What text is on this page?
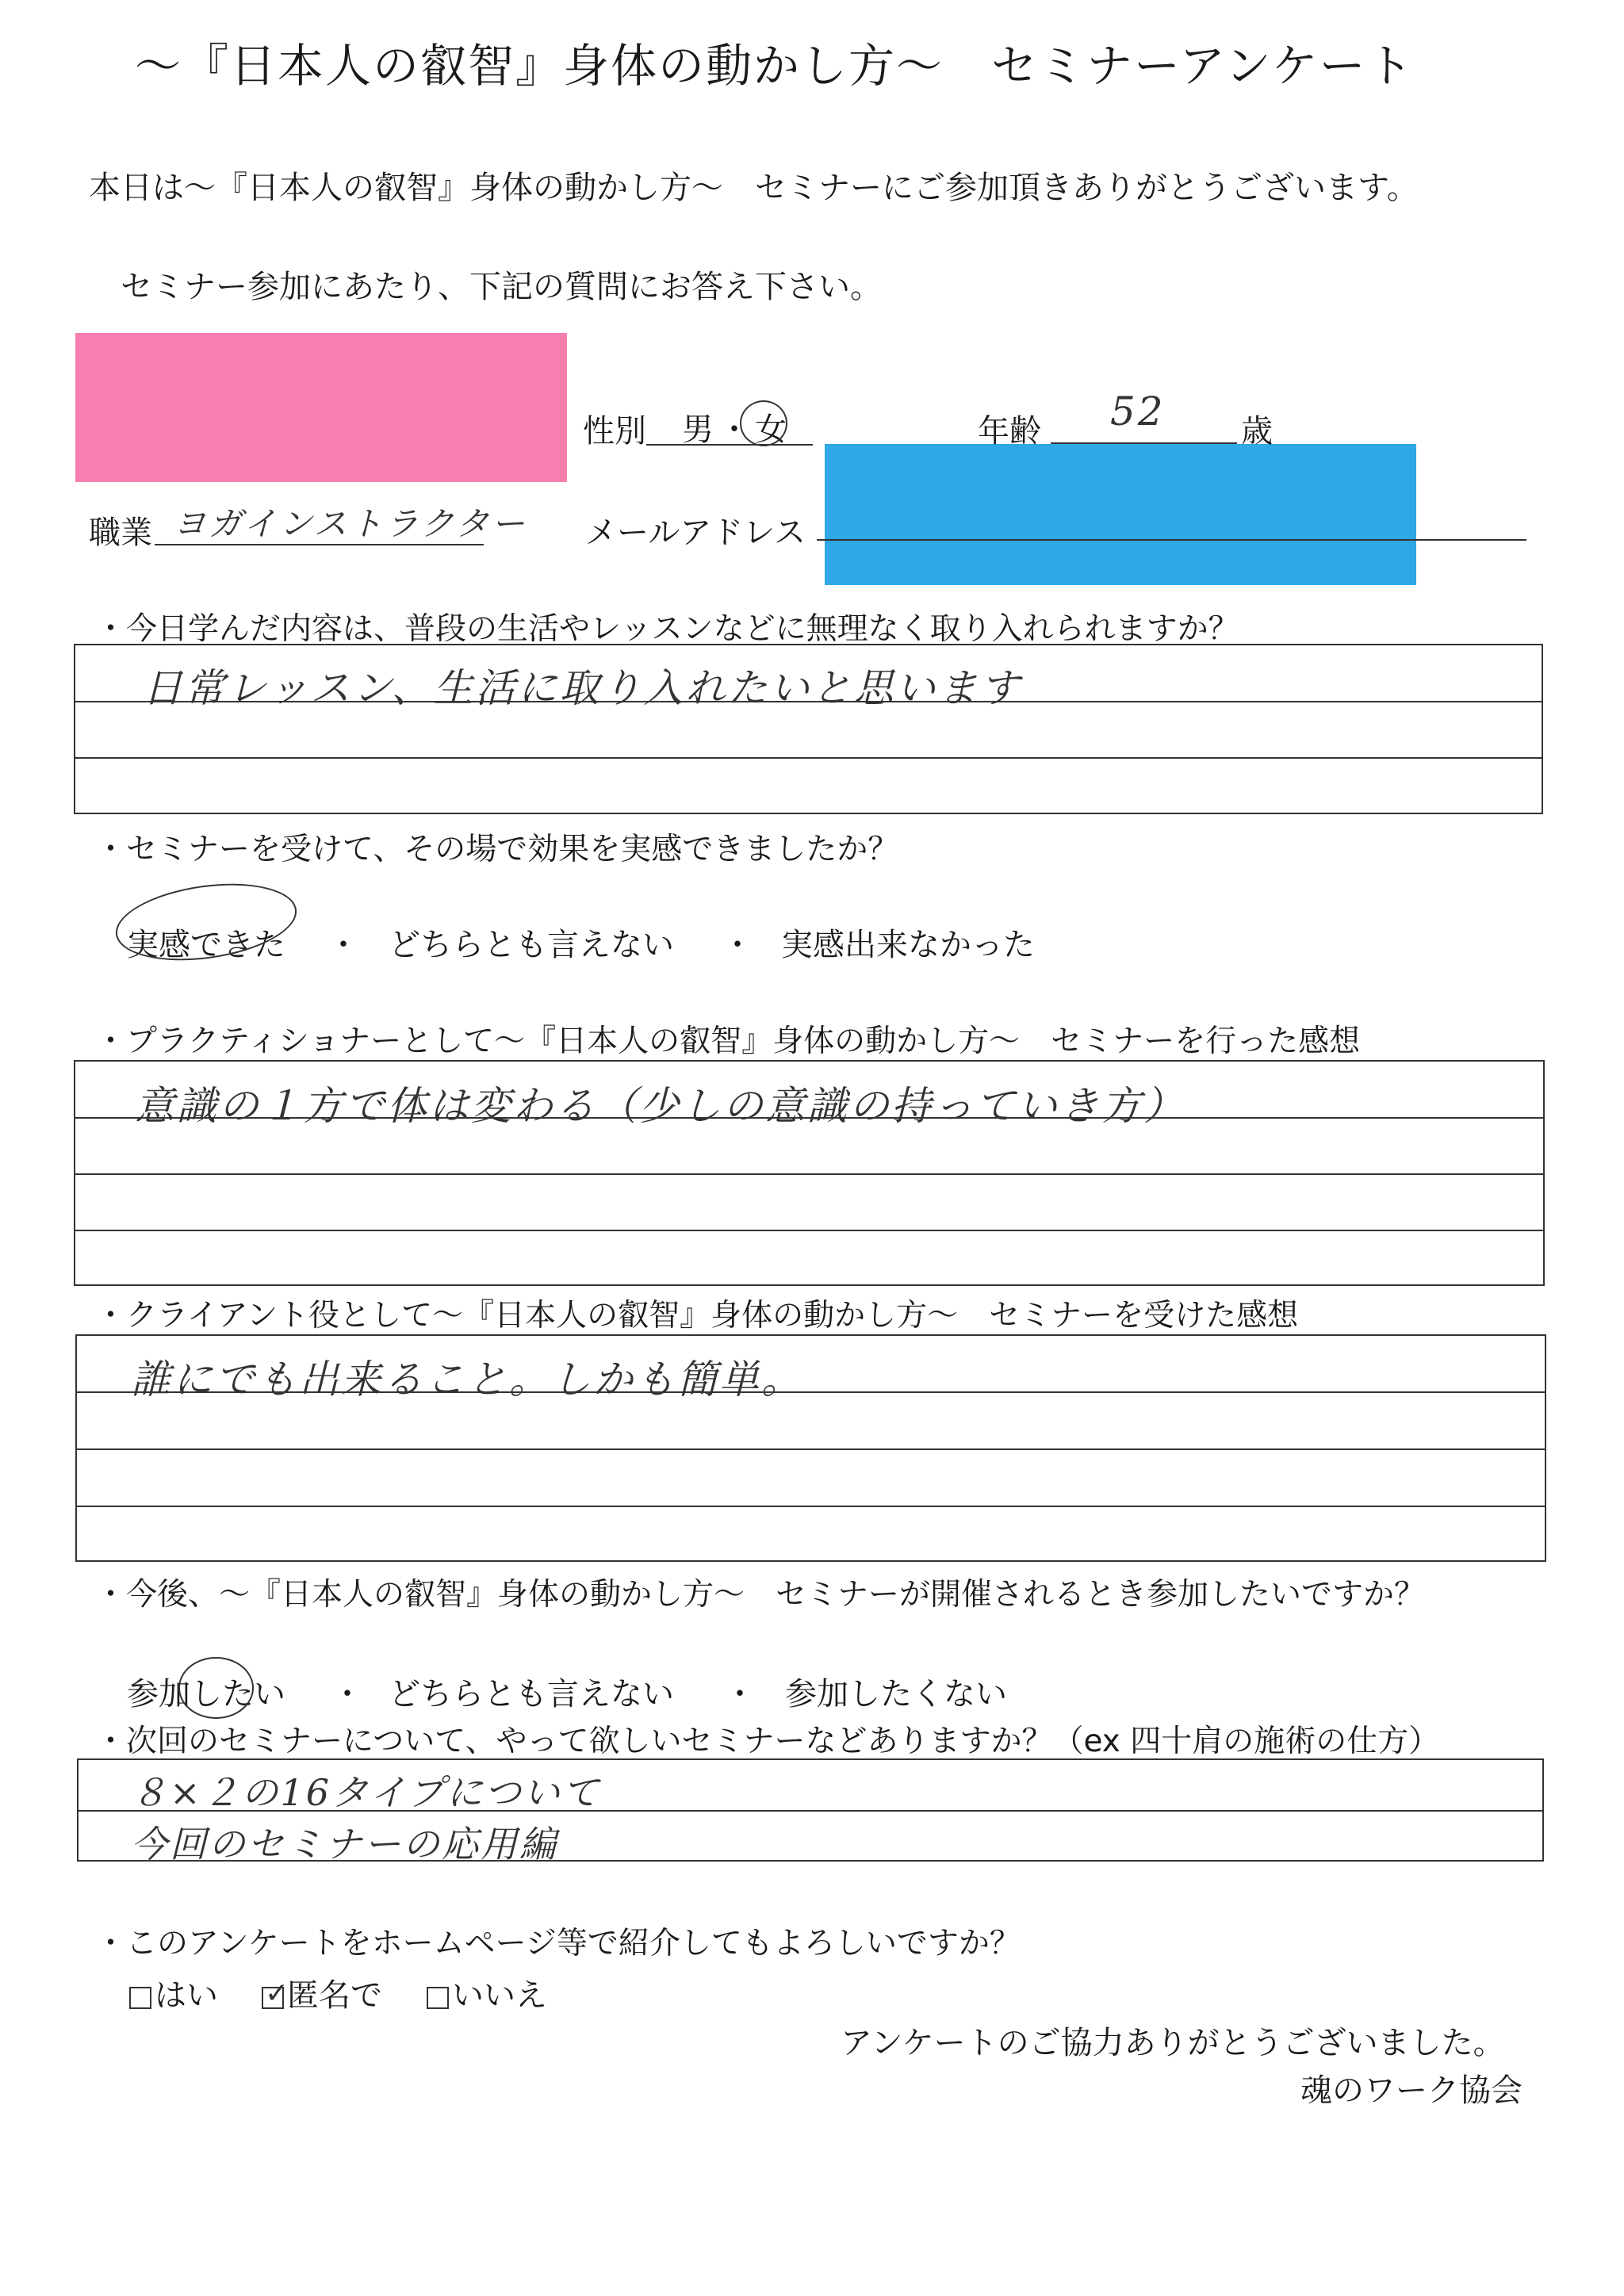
〜『日本人の叡智』身体の動かし方〜　セミナーアンケート
本日は〜『日本人の叡智』身体の動かし方〜　セミナーにご参加頂きありがとうございます。
セミナー参加にあたり、下記の質問にお答え下さい。
性別 男・女	年齢 52 歳
職業 ヨガインストラクター メールアドレス
・今日学んだ内容は、普段の生活やレッスンなどに無理なく取り入れられますか？
日常レッスン、生活に取り入れたいと思います
・セミナーを受けて、その場で効果を実感できましたか？
実感できた ・ どちらとも言えない ・ 実感出来なかった
・プラクティショナーとして〜『日本人の叡智』身体の動かし方〜　セミナーを行った感想
意識の１方で体は変わる（少しの意識の持っていき方）
・クライアント役として〜『日本人の叡智』身体の動かし方〜　セミナーを受けた感想
誰にでも出来ること。しかも簡単。
・今後、〜『日本人の叡智』身体の動かし方〜　セミナーが開催されるとき参加したいですか？
参加したい ・ どちらとも言えない ・ 参加したくない
・次回のセミナーについて、やって欲しいセミナーなどありますか？（ex 四十肩の施術の仕方）
８×２の16タイプについて
今回のセミナーの応用編
・このアンケートをホームページ等で紹介してもよろしいですか？
はい ✓
匿名で	いいえ
アンケートのご協力ありがとうございました。
魂のワーク協会
